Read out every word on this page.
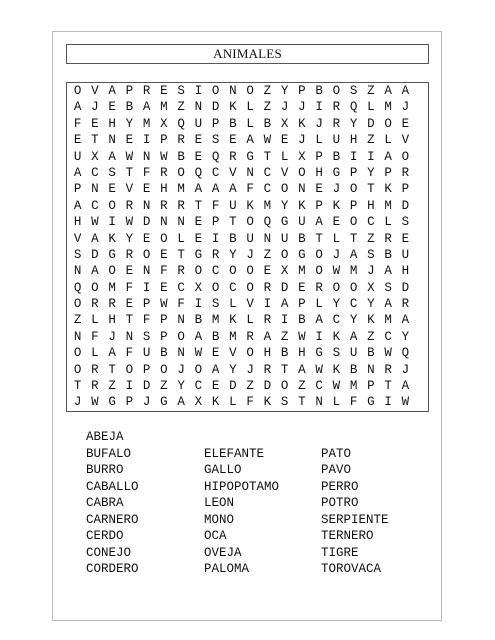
ANIMALES
O V A P R E S I O N O Z Y P B O S Z A A
A J E B A M Z N D K L Z J J I R Q L M J
F E H Y M X Q U P B L B X K J R Y D O E
E T N E I P R E S E A W E J L U H Z L V
U X A W N W B E Q R G T L X P B I I A O
A C S T F R O Q C V N C V O H G P Y P R
P N E V E H M A A A F C O N E J O T K P
A C O R N R R T F U K M Y K P K P H M D
H W I W D N N E P T O Q G U A E O C L S
V A K Y E O L E I B U N U B T L T Z R E
S D G R O E T G R Y J Z O G O J A S B U
N A O E N F R O C O O E X M O W M J A H
Q O M F I E C X O C O R D E R O O X S D
O R R E P W F I S L V I A P L Y C Y A R
Z L H T F P N B M K L R I B A C Y K M A
N F J N S P O A B M R A Z W I K A Z C Y
O L A F U B N W E V O H B H G S U B W Q
O R T O P O J O A Y J R T A W K B N R J
T R Z I D Z Y C E D Z D O Z C W M P T A
J W G P J G A X K L F K S T N L F G I W
ABEJA
BUFALO
BURRO
CABALLO
CABRA
CARNERO
CERDO
CONEJO
CORDERO
ELEFANTE
GALLO
HIPOPOTAMO
LEON
MONO
OCA
OVEJA
PALOMA
PATO
PAVO
PERRO
POTRO
SERPIENTE
TERNERO
TIGRE
TOROVACA
